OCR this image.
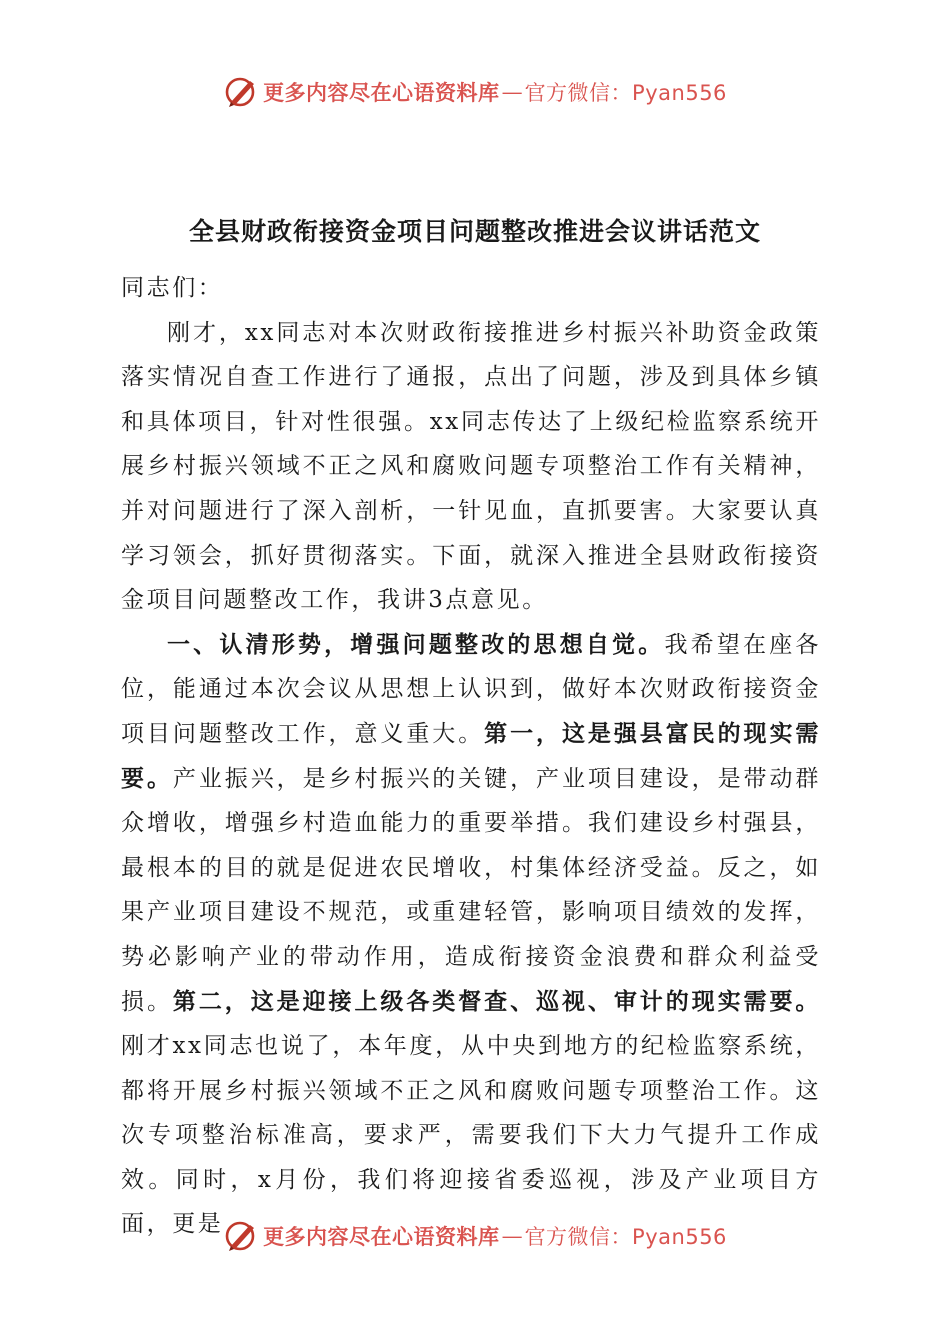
更多内容尽在心语资料库 — 官方微信：Pyan556
全县财政衔接资金项目问题整改推进会议讲话范文

同志们：

刚才，xx同志对本次财政衔接推进乡村振兴补助资金政策落实情况自查工作进行了通报，点出了问题，涉及到具体乡镇和具体项目，针对性很强。xx同志传达了上级纪检监察系统开展乡村振兴领域不正之风和腐败问题专项整治工作有关精神，并对问题进行了深入剖析，一针见血，直抓要害。大家要认真学习领会，抓好贯彻落实。下面，就深入推进全县财政衔接资金项目问题整改工作，我讲3点意见。

一、认清形势，增强问题整改的思想自觉。我希望在座各位，能通过本次会议从思想上认识到，做好本次财政衔接资金项目问题整改工作，意义重大。第一，这是强县富民的现实需要。产业振兴，是乡村振兴的关键，产业项目建设，是带动群众增收，增强乡村造血能力的重要举措。我们建设乡村强县，最根本的目的就是促进农民增收，村集体经济受益。反之，如果产业项目建设不规范，或重建轻管，影响项目绩效的发挥，势必影响产业的带动作用，造成衔接资金浪费和群众利益受损。第二，这是迎接上级各类督查、巡视、审计的现实需要。刚才xx同志也说了，本年度，从中央到地方的纪检监察系统，都将开展乡村振兴领域不正之风和腐败问题专项整治工作。这次专项整治标准高，要求严，需要我们下大力气提升工作成效。同时，x月份，我们将迎接省委巡视，涉及产业项目方面，更是	更多内容尽在心语资料库 — 官方微信：Pyan556
